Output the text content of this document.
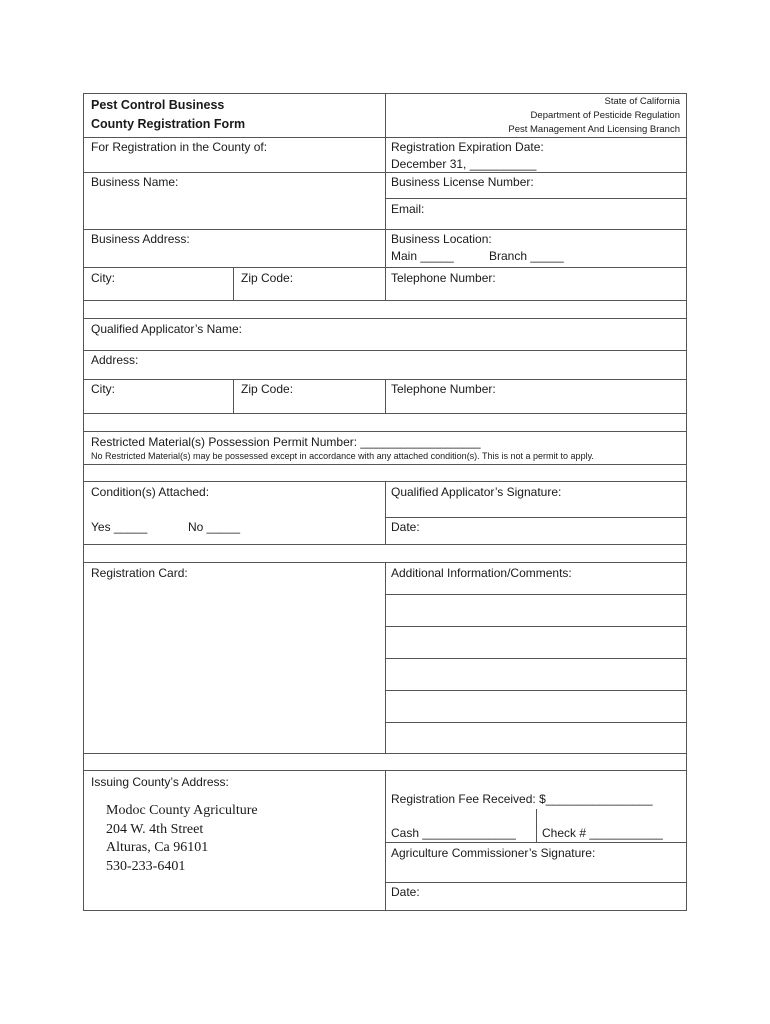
Pest Control Business
County Registration Form
State of California
Department of Pesticide Regulation
Pest Management And Licensing Branch
For Registration in the County of:	Registration Expiration Date:
December 31, __________
Business Name:	Business License Number:
Email:
Business Address:	Business Location:
Main _____	Branch _____
City:	Zip Code:	Telephone Number:
Qualified Applicator’s Name:
Address:
City:	Zip Code:	Telephone Number:
Restricted Material(s) Possession Permit Number: __________________
No Restricted Material(s) may be possessed except in accordance with any attached condition(s). This is not a permit to apply.
Condition(s) Attached:
Yes _____	No _____
Qualified Applicator’s Signature:
Date:
Registration Card:	Additional Information/Comments:
Issuing County’s Address:
Modoc County Agriculture
204 W. 4th Street
Alturas, Ca 96101
530-233-6401
Registration Fee Received: $________________
Cash ______________ Check # ___________
Agriculture Commissioner’s Signature:
Date:
